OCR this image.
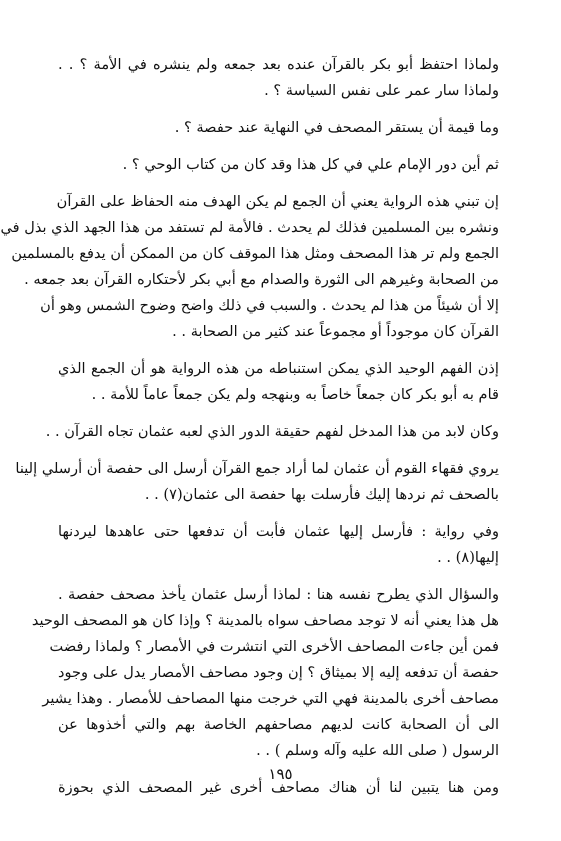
ولماذا احتفظ أبو بكر بالقرآن عنده بعد جمعه ولم ينشره في الأمة ؟ . .
ولماذا سار عمر على نفس السياسة ؟ .
وما قيمة أن يستقر المصحف في النهاية عند حفصة ؟ .
ثم أين دور الإمام علي في كل هذا وقد كان من كتاب الوحي ؟ .
إن تبني هذه الرواية يعني أن الجمع لم يكن الهدف منه الحفاظ على القرآن
ونشره بين المسلمين فذلك لم يحدث . فالأمة لم تستفد من هذا الجهد الذي بذل في
الجمع ولم تر هذا المصحف ومثل هذا الموقف كان من الممكن أن يدفع بالمسلمين
من الصحابة وغيرهم الى الثورة والصدام مع أبي بكر لأحتكاره القرآن بعد جمعه .
إلا أن شيئاً من هذا لم يحدث . والسبب في ذلك واضح وضوح الشمس وهو أن
القرآن كان موجوداً أو مجموعاً عند كثير من الصحابة . .
إذن الفهم الوحيد الذي يمكن استنباطه من هذه الرواية هو أن الجمع الذي
قام به أبو بكر كان جمعاً خاصاً به وبنهجه ولم يكن جمعاً عاماً للأمة . .
وكان لابد من هذا المدخل لفهم حقيقة الدور الذي لعبه عثمان تجاه القرآن . .
يروي فقهاء القوم أن عثمان لما أراد جمع القرآن أرسل الى حفصة أن أرسلي إلينا
بالصحف ثم نردها إليك فأرسلت بها حفصة الى عثمان(٧) . .
وفي رواية : فأرسل إليها عثمان فأبت أن تدفعها حتى عاهدها ليردنها
إليها(٨) . .
والسؤال الذي يطرح نفسه هنا : لماذا أرسل عثمان يأخذ مصحف حفصة .
هل هذا يعني أنه لا توجد مصاحف سواه بالمدينة ؟ وإذا كان هو المصحف الوحيد
فمن أين جاءت المصاحف الأخرى التي انتشرت في الأمصار ؟ ولماذا رفضت
حفصة أن تدفعه إليه إلا بميثاق ؟ إن وجود مصاحف الأمصار يدل على وجود
مصاحف أخرى بالمدينة فهي التي خرجت منها المصاحف للأمصار . وهذا يشير
الى أن الصحابة كانت لديهم مصاحفهم الخاصة بهم والتي أخذوها عن
الرسول ( صلى الله عليه وآله وسلم ) . .
ومن هنا يتبين لنا أن هناك مصاحف أخرى غير المصحف الذي بحوزة
١٩٥
